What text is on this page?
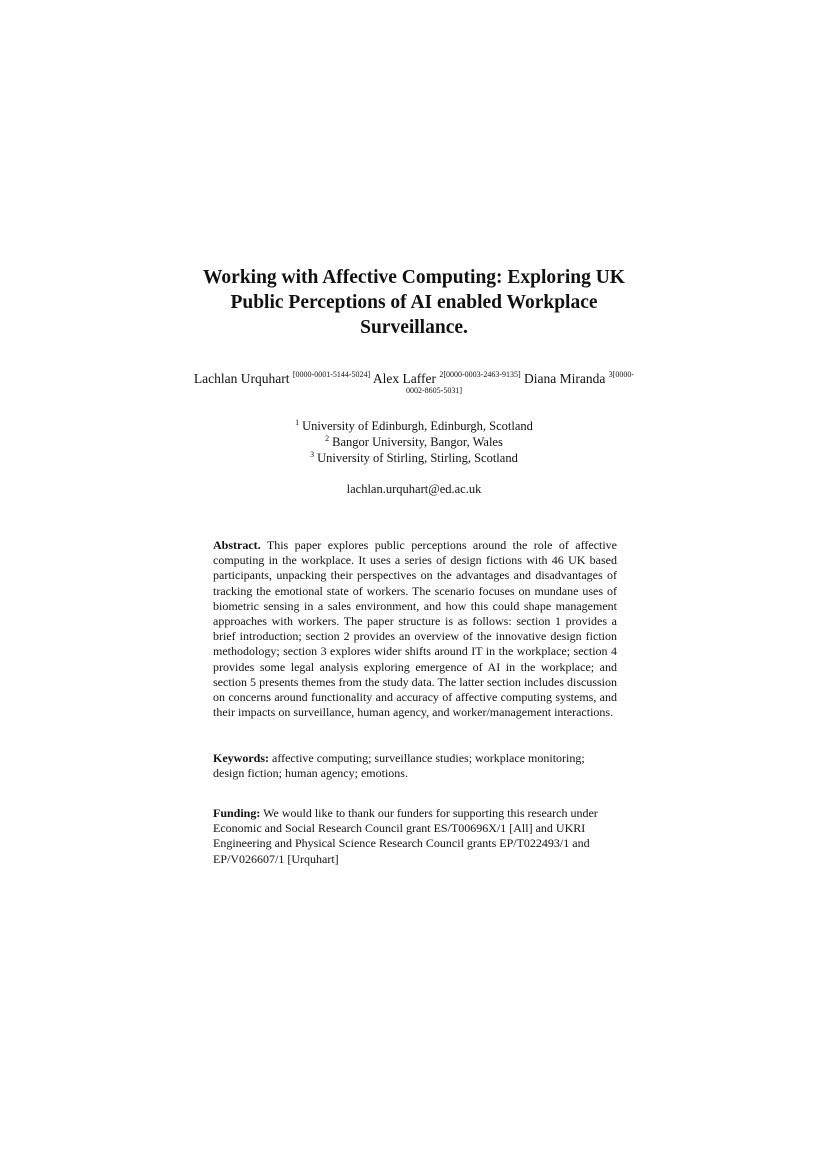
Working with Affective Computing: Exploring UK
Public Perceptions of AI enabled Workplace
Surveillance.
Lachlan Urquhart [0000-0001-5144-5024] Alex Laffer $^{2[0000-0003-2463-9135]}$ Diana Miranda $^{3[0000-}$
0002-8605-5031]
$^1$ University of Edinburgh, Edinburgh, Scotland
$^2$ Bangor University, Bangor, Wales
$^3$ University of Stirling, Stirling, Scotland
lachlan.urquhart@ed.ac.uk
Abstract. This paper explores public perceptions around the role of affective computing in the workplace. It uses a series of design fictions with 46 UK based participants, unpacking their perspectives on the advantages and disadvantages of tracking the emotional state of workers. The scenario focuses on mundane uses of biometric sensing in a sales environment, and how this could shape management approaches with workers. The paper structure is as follows: section 1 provides a brief introduction; section 2 provides an overview of the innovative design fiction methodology; section 3 explores wider shifts around IT in the workplace; section 4 provides some legal analysis exploring emergence of AI in the workplace; and section 5 presents themes from the study data. The latter section includes discussion on concerns around functionality and accuracy of affective computing systems, and their impacts on surveillance, human agency, and worker/management interactions.
Keywords: affective computing; surveillance studies; workplace monitoring; design fiction; human agency; emotions.
Funding: We would like to thank our funders for supporting this research under Economic and Social Research Council grant ES/T00696X/1 [All] and UKRI Engineering and Physical Science Research Council grants EP/T022493/1 and EP/V026607/1 [Urquhart]
